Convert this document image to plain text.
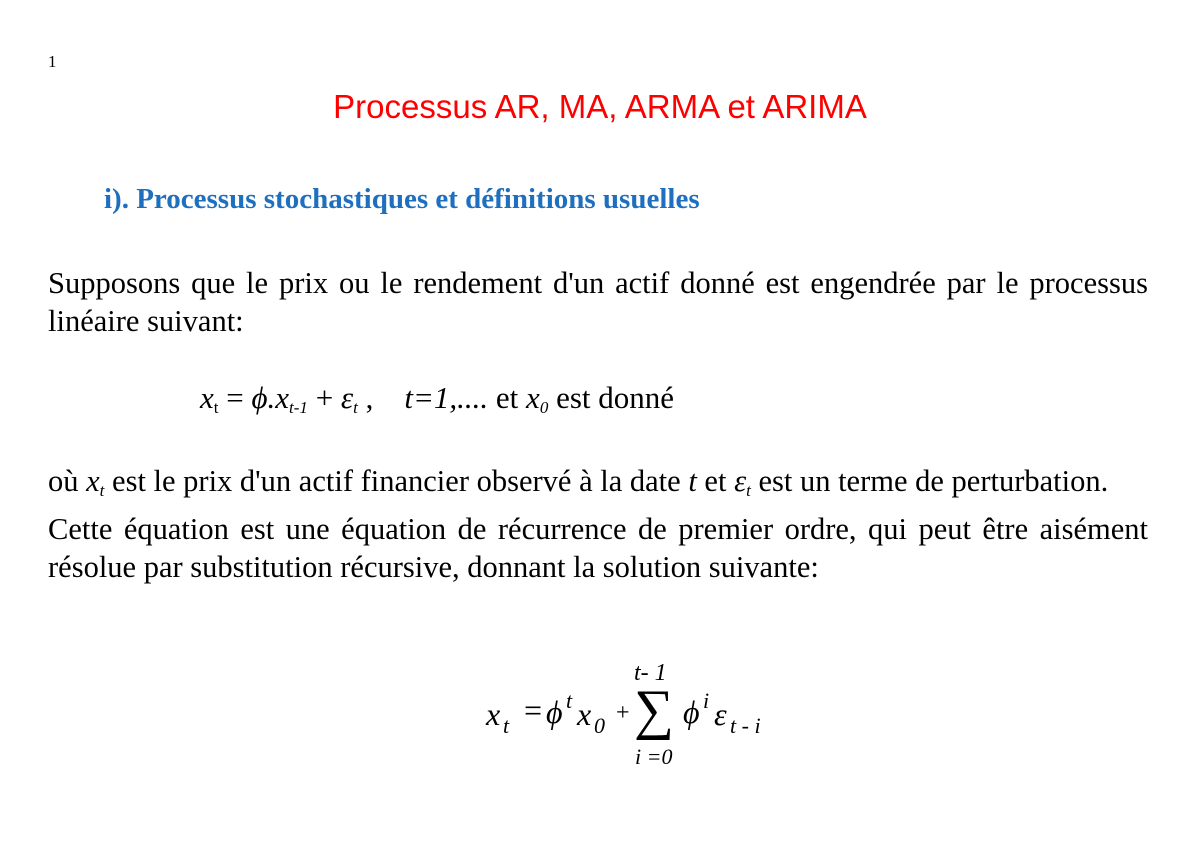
1
Processus AR, MA, ARMA et ARIMA
i). Processus stochastiques et définitions usuelles
Supposons que le prix ou le rendement d'un actif donné est engendrée par le processus linéaire suivant:
$x_t = \phi.x_{t-1} + \varepsilon_t$ ,    t=1,.... et $x_0$ est donné
où $x_t$ est le prix d'un actif financier observé à la date t et $\varepsilon_t$ est un terme de perturbation.
Cette équation est une équation de récurrence de premier ordre, qui peut être aisément résolue par substitution récursive, donnant la solution suivante:
x t = ϕ t x 0 +
t- 1
∑
i =0
ϕ i ε t - i
